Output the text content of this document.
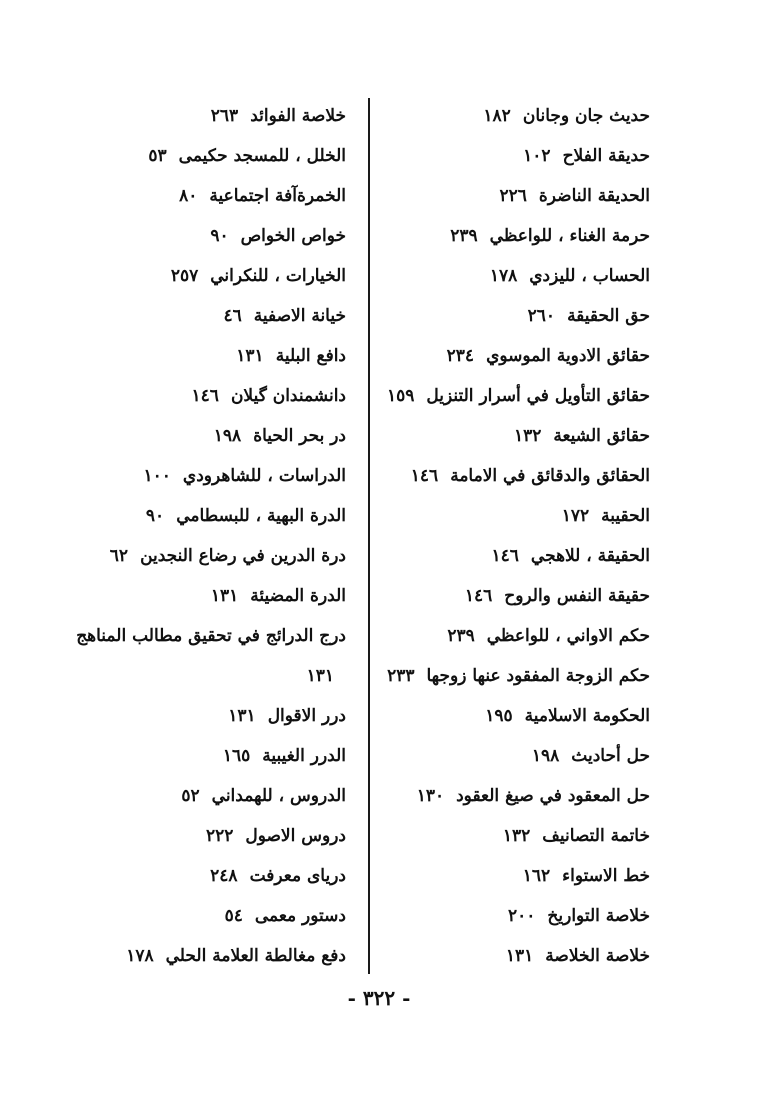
حديث جان وجانان١٨٢
حديقة الفلاح١٠٢
الحديقة الناضرة٢٢٦
حرمة الغناء ، للواعظي٢٣٩
الحساب ، لليزدي١٧٨
حق الحقيقة٢٦٠
حقائق الادوية الموسوي٢٣٤
حقائق التأويل في أسرار التنزيل١٥٩
حقائق الشيعة١٣٢
الحقائق والدقائق في الامامة١٤٦
الحقيبة١٧٢
الحقيقة ، للاهجي١٤٦
حقيقة النفس والروح١٤٦
حكم الاواني ، للواعظي٢٣٩
حكم الزوجة المفقود عنها زوجها٢٣٣
الحكومة الاسلامية١٩٥
حل أحاديث١٩٨
حل المعقود في صيغ العقود١٣٠
خاتمة التصانيف١٣٢
خط الاستواء١٦٢
خلاصة التواريخ٢٠٠
خلاصة الخلاصة١٣١
خلاصة الفوائد٢٦٣
الخلل ، للمسجد حكيمى٥٣
الخمرةآفة اجتماعية٨٠
خواص الخواص٩٠
الخيارات ، للنكراني٢٥٧
خيانة الاصفية٤٦
دافع البلية١٣١
دانشمندان گيلان١٤٦
در بحر الحياة١٩٨
الدراسات ، للشاهرودي١٠٠
الدرة البهية ، للبسطامي٩٠
درة الدرين في رضاع النجدين٦٢
الدرة المضيئة١٣١
درج الدرائج في تحقيق مطالب المناهج
١٣١
درر الاقوال١٣١
الدرر الغيبية١٦٥
الدروس ، للهمداني٥٢
دروس الاصول٢٢٢
درياى معرفت٢٤٨
دستور معمى٥٤
دفع مغالطة العلامة الحلي١٧٨
- ٣٢٢ -
